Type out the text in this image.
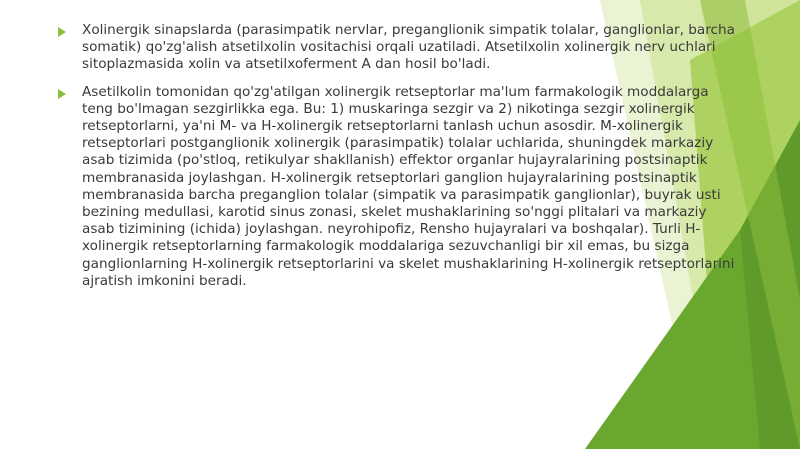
Xolinergik sinapslarda (parasimpatik nervlar, preganglionik simpatik tolalar, ganglionlar, barcha somatik) qo'zg'alish atsetilxolin vositachisi orqali uzatiladi. Atsetilxolin xolinergik nerv uchlari sitoplazmasida xolin va atsetilxoferment A dan hosil bo'ladi.
Asetilkolin tomonidan qo'zg'atilgan xolinergik retseptorlar ma'lum farmakologik moddalarga teng bo'lmagan sezgirlikka ega. Bu: 1) muskaringa sezgir va 2) nikotinga sezgir xolinergik retseptorlarni, ya'ni M- va H-xolinergik retseptorlarni tanlash uchun asosdir. M-xolinergik retseptorlari postganglionik xolinergik (parasimpatik) tolalar uchlarida, shuningdek markaziy asab tizimida (po'stloq, retikulyar shakllanish) effektor organlar hujayralarining postsinaptik membranasida joylashgan. H-xolinergik retseptorlari ganglion hujayralarining postsinaptik membranasida barcha preganglion tolalar (simpatik va parasimpatik ganglionlar), buyrak usti bezining medullasi, karotid sinus zonasi, skelet mushaklarining so'nggi plitalari va markaziy asab tizimining (ichida) joylashgan. neyrohipofiz, Rensho hujayralari va boshqalar). Turli H-xolinergik retseptorlarning farmakologik moddalariga sezuvchanligi bir xil emas, bu sizga ganglionlarning H-xolinergik retseptorlarini va skelet mushaklarining H-xolinergik retseptorlarini ajratish imkonini beradi.
